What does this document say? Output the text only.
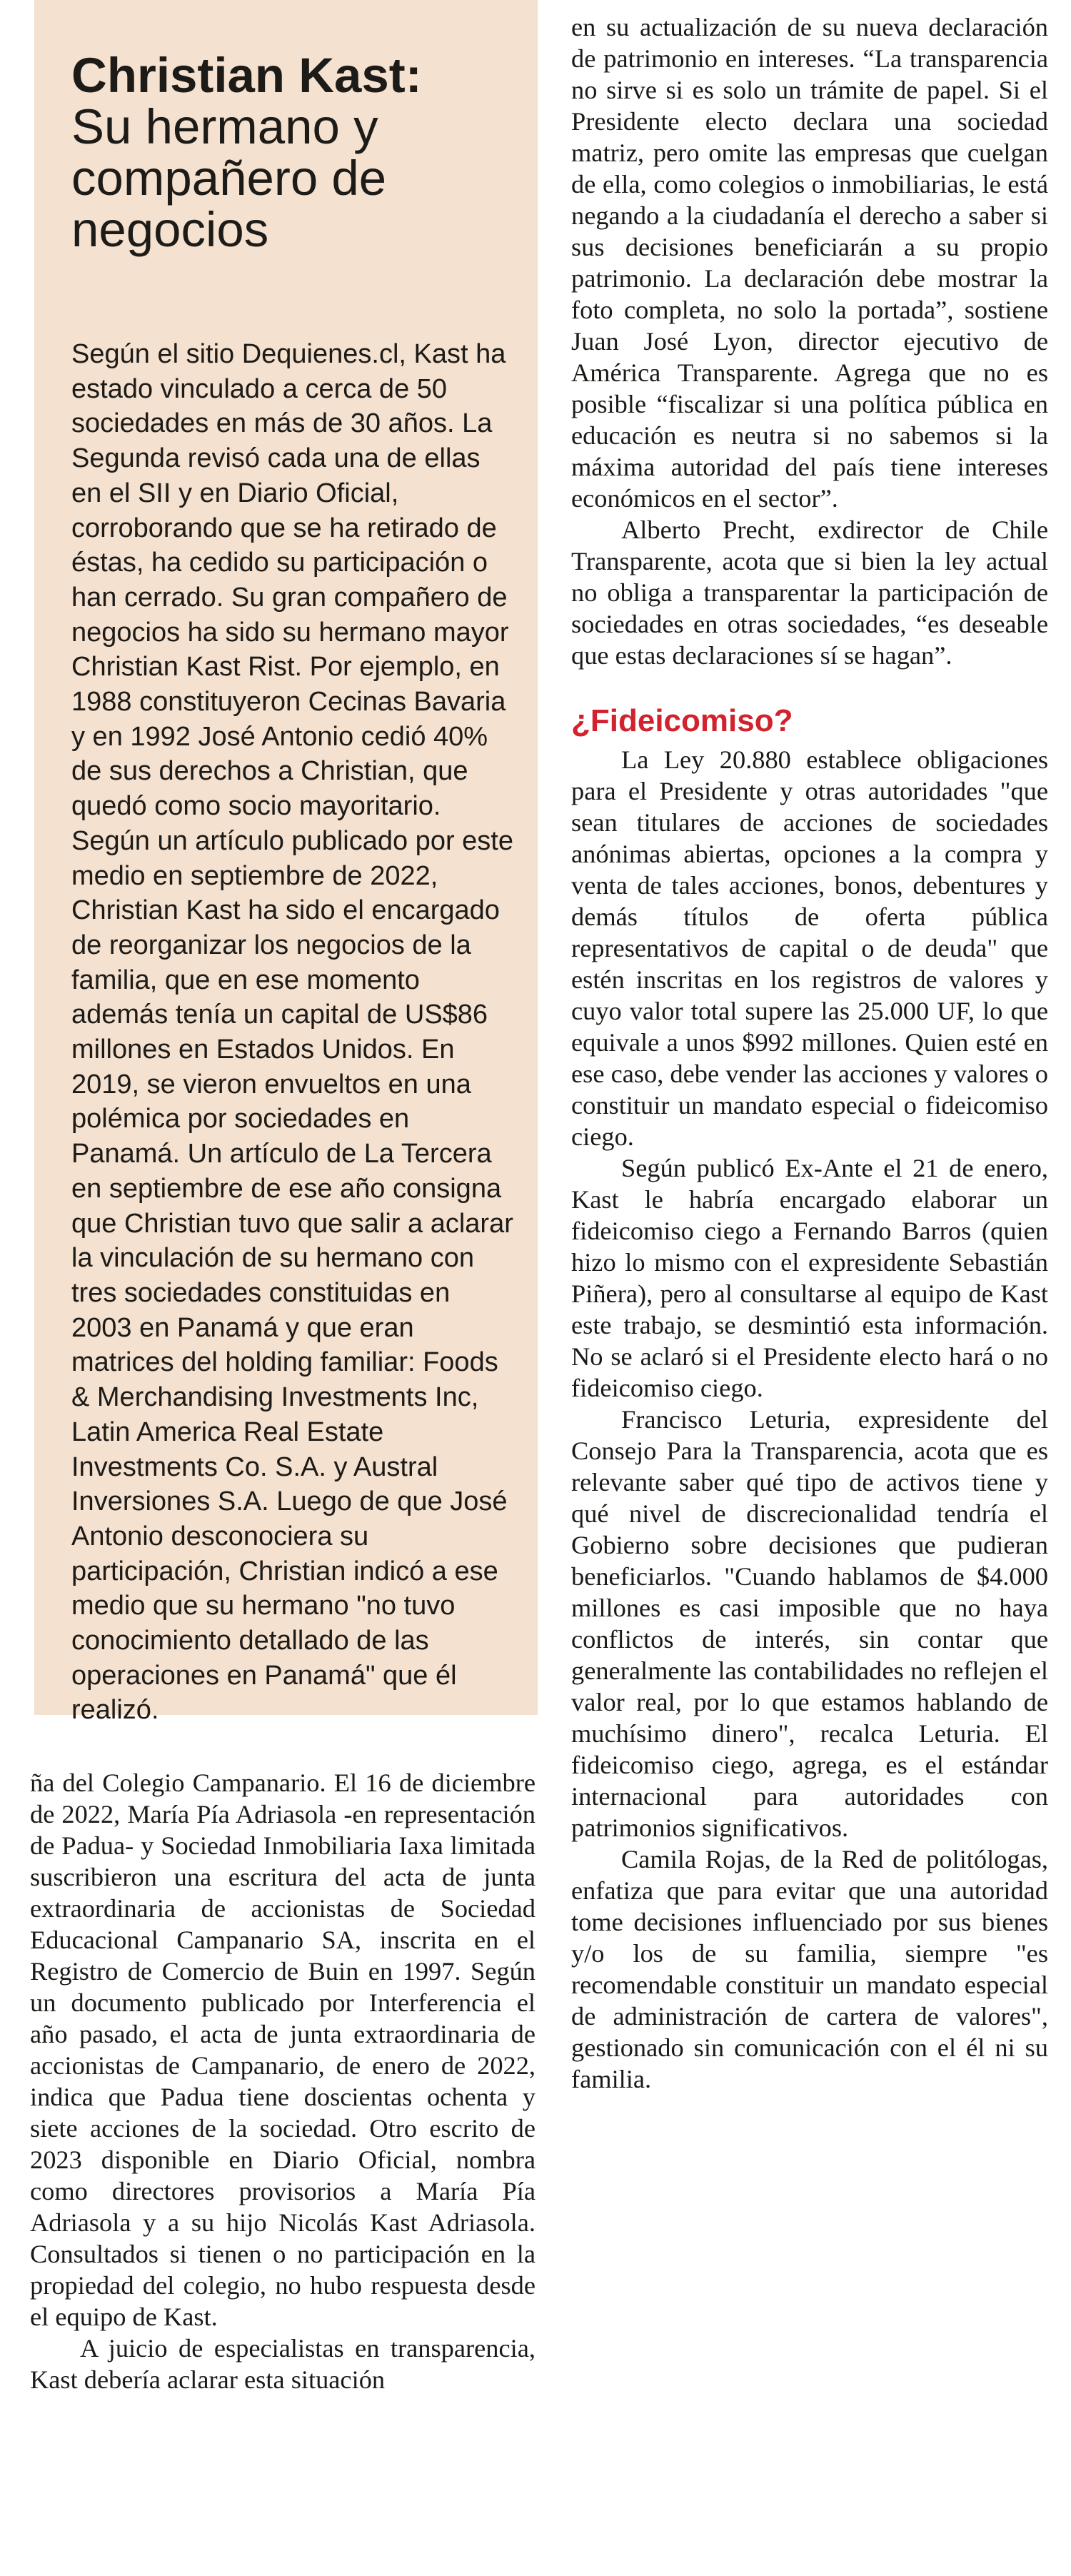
Christian Kast:
Su hermano y compañero de negocios

Según el sitio Dequienes.cl, Kast ha estado vinculado a cerca de 50 sociedades en más de 30 años. La Segunda revisó cada una de ellas en el SII y en Diario Oficial, corroborando que se ha retirado de éstas, ha cedido su participación o han cerrado. Su gran compañero de negocios ha sido su hermano mayor Christian Kast Rist. Por ejemplo, en 1988 constituyeron Cecinas Bavaria y en 1992 José Antonio cedió 40% de sus derechos a Christian, que quedó como socio mayoritario. Según un artículo publicado por este medio en septiembre de 2022, Christian Kast ha sido el encargado de reorganizar los negocios de la familia, que en ese momento además tenía un capital de US$86 millones en Estados Unidos. En 2019, se vieron envueltos en una polémica por sociedades en Panamá. Un artículo de La Tercera en septiembre de ese año consigna que Christian tuvo que salir a aclarar la vinculación de su hermano con tres sociedades constituidas en 2003 en Panamá y que eran matrices del holding familiar: Foods & Merchandising Investments Inc, Latin America Real Estate Investments Co. S.A. y Austral Inversiones S.A. Luego de que José Antonio desconociera su participación, Christian indicó a ese medio que su hermano "no tuvo conocimiento detallado de las operaciones en Panamá" que él realizó.

ña del Colegio Campanario. El 16 de diciembre de 2022, María Pía Adriasola -en representación de Padua- y Sociedad Inmobiliaria Iaxa limitada suscribieron una escritura del acta de junta extraordinaria de accionistas de Sociedad Educacional Campanario SA, inscrita en el Registro de Comercio de Buin en 1997. Según un documento publicado por Interferencia el año pasado, el acta de junta extraordinaria de accionistas de Campanario, de enero de 2022, indica que Padua tiene doscientas ochenta y siete acciones de la sociedad. Otro escrito de 2023 disponible en Diario Oficial, nombra como directores provisorios a María Pía Adriasola y a su hijo Nicolás Kast Adriasola. Consultados si tienen o no participación en la propiedad del colegio, no hubo respuesta desde el equipo de Kast.

A juicio de especialistas en transparencia, Kast debería aclarar esta situación

en su actualización de su nueva declaración de patrimonio en intereses. “La transparencia no sirve si es solo un trámite de papel. Si el Presidente electo declara una sociedad matriz, pero omite las empresas que cuelgan de ella, como colegios o inmobiliarias, le está negando a la ciudadanía el derecho a saber si sus decisiones beneficiarán a su propio patrimonio. La declaración debe mostrar la foto completa, no solo la portada”, sostiene Juan José Lyon, director ejecutivo de América Transparente. Agrega que no es posible “fiscalizar si una política pública en educación es neutra si no sabemos si la máxima autoridad del país tiene intereses económicos en el sector”.

Alberto Precht, exdirector de Chile Transparente, acota que si bien la ley actual no obliga a transparentar la participación de sociedades en otras sociedades, “es deseable que estas declaraciones sí se hagan”.

¿Fideicomiso?

La Ley 20.880 establece obligaciones para el Presidente y otras autoridades "que sean titulares de acciones de sociedades anónimas abiertas, opciones a la compra y venta de tales acciones, bonos, debentures y demás títulos de oferta pública representativos de capital o de deuda" que estén inscritas en los registros de valores y cuyo valor total supere las 25.000 UF, lo que equivale a unos $992 millones. Quien esté en ese caso, debe vender las acciones y valores o constituir un mandato especial o fideicomiso ciego.

Según publicó Ex-Ante el 21 de enero, Kast le habría encargado elaborar un fideicomiso ciego a Fernando Barros (quien hizo lo mismo con el expresidente Sebastián Piñera), pero al consultarse al equipo de Kast este trabajo, se desmintió esta información. No se aclaró si el Presidente electo hará o no fideicomiso ciego.

Francisco Leturia, expresidente del Consejo Para la Transparencia, acota que es relevante saber qué tipo de activos tiene y qué nivel de discrecionalidad tendría el Gobierno sobre decisiones que pudieran beneficiarlos. "Cuando hablamos de $4.000 millones es casi imposible que no haya conflictos de interés, sin contar que generalmente las contabilidades no reflejen el valor real, por lo que estamos hablando de muchísimo dinero", recalca Leturia. El fideicomiso ciego, agrega, es el estándar internacional para autoridades con patrimonios significativos.

Camila Rojas, de la Red de politólogas, enfatiza que para evitar que una autoridad tome decisiones influenciado por sus bienes y/o los de su familia, siempre "es recomendable constituir un mandato especial de administración de cartera de valores", gestionado sin comunicación con el él ni su familia.
